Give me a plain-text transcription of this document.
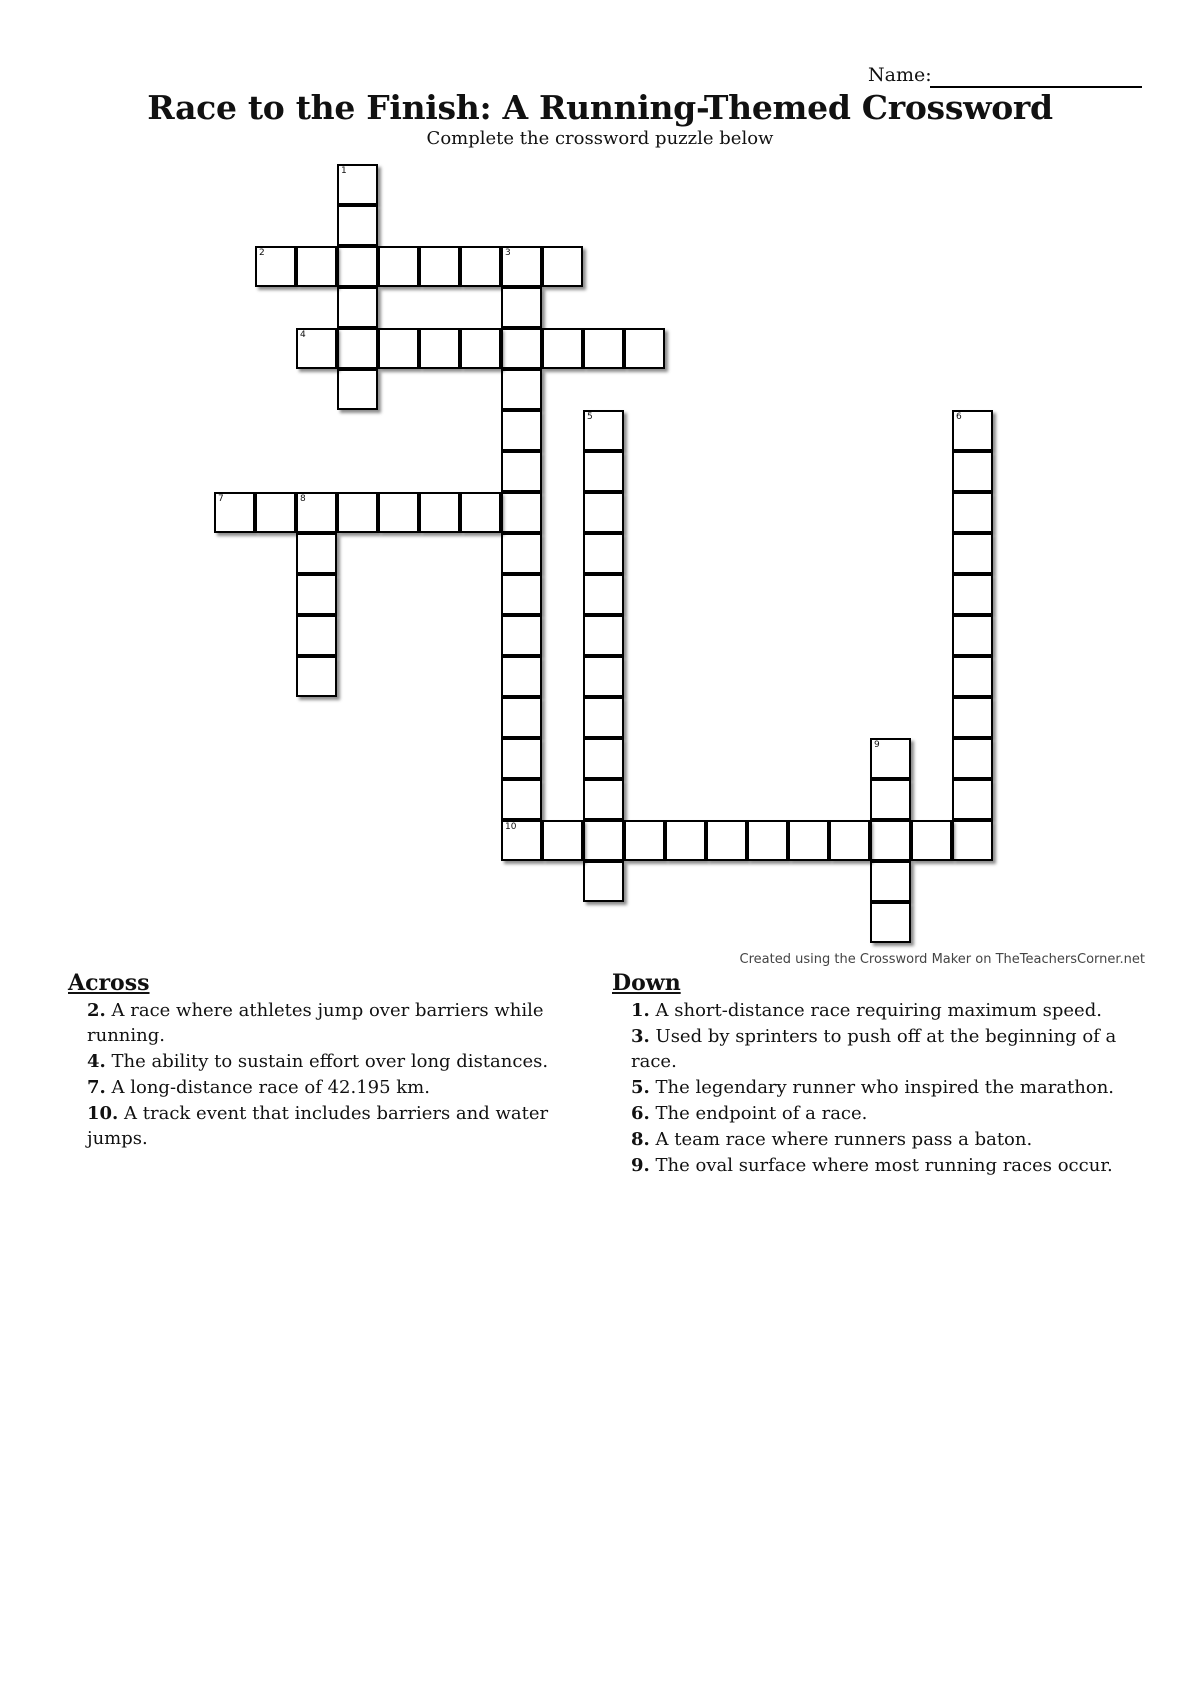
Name:
Race to the Finish: A Running-Themed Crossword
Complete the crossword puzzle below
1
2	3
10
4
5	6
7	8
9
Created using the Crossword Maker on TheTeachersCorner.net
Across
2. A race where athletes jump over barriers while running.
4. The ability to sustain effort over long distances.
7. A long-distance race of 42.195 km.
10. A track event that includes barriers and water jumps.
Down
1. A short-distance race requiring maximum speed.
3. Used by sprinters to push off at the beginning of a race.
5. The legendary runner who inspired the marathon.
6. The endpoint of a race.
8. A team race where runners pass a baton.
9. The oval surface where most running races occur.
